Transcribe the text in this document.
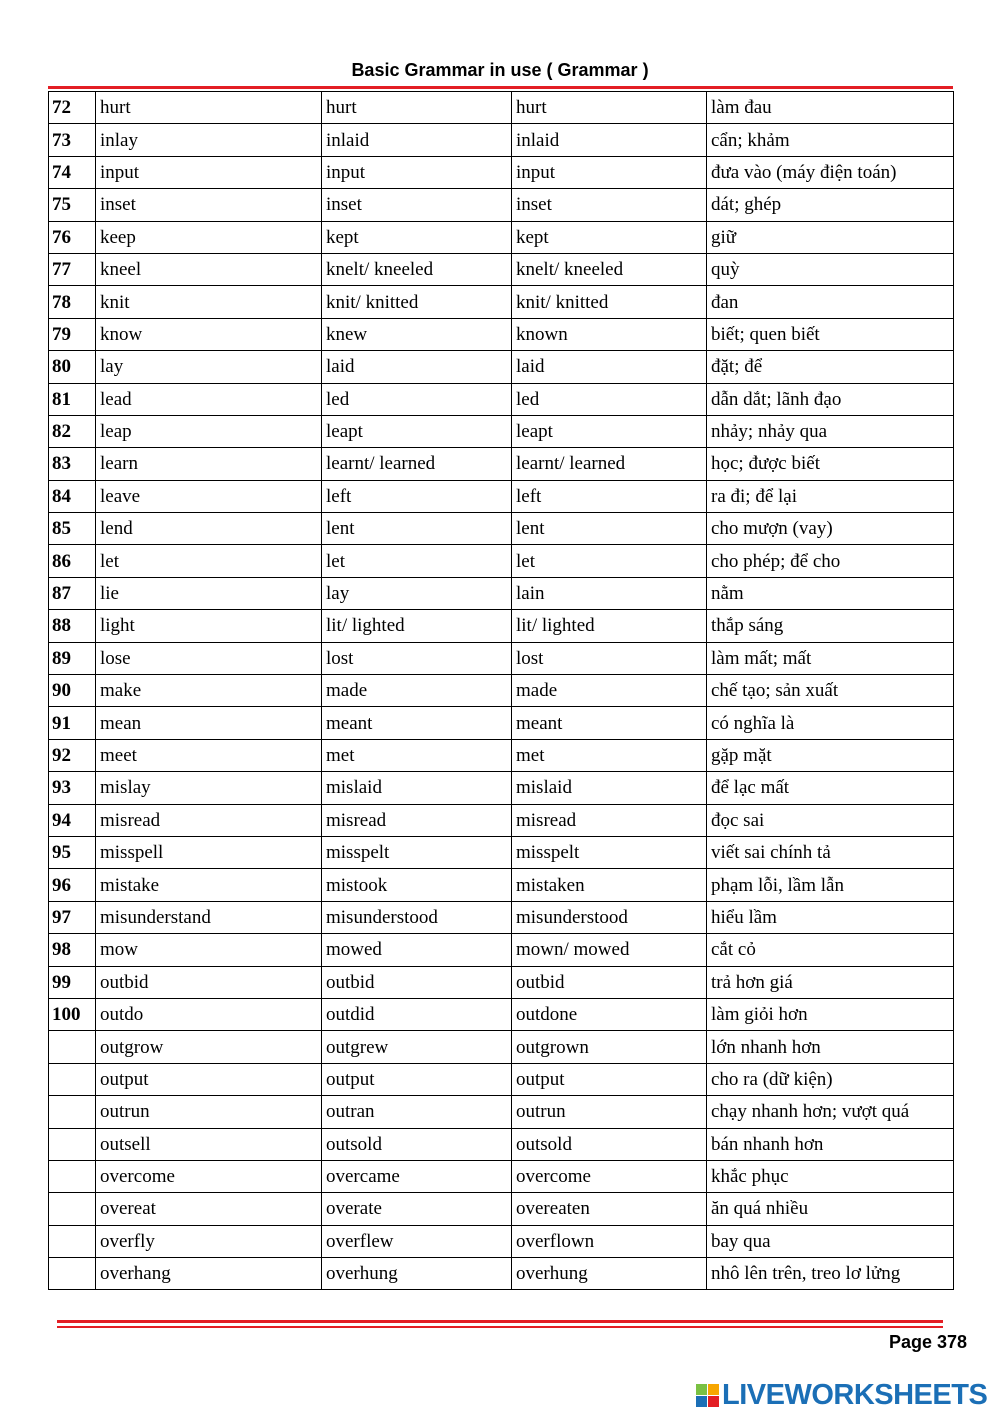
Basic Grammar in use ( Grammar )
72	hurt	hurt	hurt	làm đau
73	inlay	inlaid	inlaid	cẩn; khảm
74	input	input	input	đưa vào (máy điện toán)
75	inset	inset	inset	dát; ghép
76	keep	kept	kept	giữ
77	kneel	knelt/ kneeled	knelt/ kneeled	quỳ
78	knit	knit/ knitted	knit/ knitted	đan
79	know	knew	known	biết; quen biết
80	lay	laid	laid	đặt; để
81	lead	led	led	dẫn dắt; lãnh đạo
82	leap	leapt	leapt	nhảy; nhảy qua
83	learn	learnt/ learned	learnt/ learned	học; được biết
84	leave	left	left	ra đi; để lại
85	lend	lent	lent	cho mượn (vay)
86	let	let	let	cho phép; để cho
87	lie	lay	lain	nằm
88	light	lit/ lighted	lit/ lighted	thắp sáng
89	lose	lost	lost	làm mất; mất
90	make	made	made	chế tạo; sản xuất
91	mean	meant	meant	có nghĩa là
92	meet	met	met	gặp mặt
93	mislay	mislaid	mislaid	để lạc mất
94	misread	misread	misread	đọc sai
95	misspell	misspelt	misspelt	viết sai chính tả
96	mistake	mistook	mistaken	phạm lỗi, lầm lẫn
97	misunderstand	misunderstood	misunderstood	hiểu lầm
98	mow	mowed	mown/ mowed	cắt cỏ
99	outbid	outbid	outbid	trả hơn giá
100	outdo	outdid	outdone	làm giỏi hơn
	outgrow	outgrew	outgrown	lớn nhanh hơn
	output	output	output	cho ra (dữ kiện)
	outrun	outran	outrun	chạy nhanh hơn; vượt quá
	outsell	outsold	outsold	bán nhanh hơn
	overcome	overcame	overcome	khắc phục
	overeat	overate	overeaten	ăn quá nhiều
	overfly	overflew	overflown	bay qua
	overhang	overhung	overhung	nhô lên trên, treo lơ lửng
Page 378
LIVEWORKSHEETS
